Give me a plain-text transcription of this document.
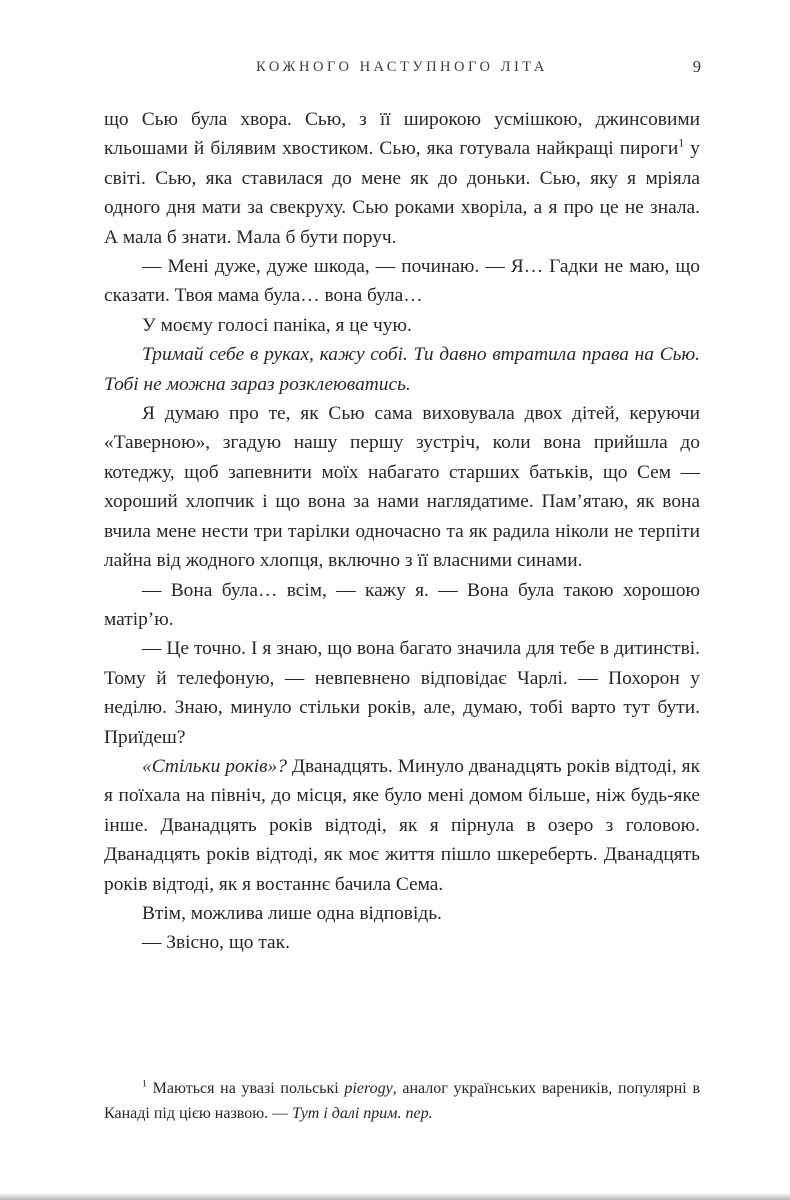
КОЖНОГО НАСТУПНОГО ЛІТА	9

що Сью була хвора. Сью, з її широкою усмішкою, джинсовими кльошами й білявим хвостиком. Сью, яка готувала найкращі пироги$^1$ у світі. Сью, яка ставилася до мене як до доньки. Сью, яку я мріяла одного дня мати за свекруху. Сью роками хворіла, а я про це не знала. А мала б знати. Мала б бути поруч.

— Мені дуже, дуже шкода, — починаю. — Я… Гадки не маю, що сказати. Твоя мама була… вона була…

У моєму голосі паніка, я це чую.

Тримай себе в руках, кажу собі. Ти давно втратила права на Сью. Тобі не можна зараз розклеюватись.

Я думаю про те, як Сью сама виховувала двох дітей, керуючи «Таверною», згадую нашу першу зустріч, коли вона прийшла до котеджу, щоб запевнити моїх набагато старших батьків, що Сем — хороший хлопчик і що вона за нами наглядатиме. Пам’ятаю, як вона вчила мене нести три тарілки одночасно та як радила ніколи не терпіти лайна від жодного хлопця, включно з її власними синами.

— Вона була… всім, — кажу я. — Вона була такою хорошою матір’ю.

— Це точно. І я знаю, що вона багато значила для тебе в дитинстві. Тому й телефоную, — невпевнено відповідає Чарлі. — Похорон у неділю. Знаю, минуло стільки років, але, думаю, тобі варто тут бути. Приїдеш?

«Стільки років»? Дванадцять. Минуло дванадцять років відтоді, як я поїхала на північ, до місця, яке було мені домом більше, ніж будь-яке інше. Дванадцять років відтоді, як я пірнула в озеро з головою. Дванадцять років відтоді, як моє життя пішло шкереберть. Дванадцять років відтоді, як я востаннє бачила Сема.

Втім, можлива лише одна відповідь.

— Звісно, що так.

$^1$ Маються на увазі польські pierogy, аналог українських вареників, популярні в Канаді під цією назвою. — Тут і далі прим. пер.
